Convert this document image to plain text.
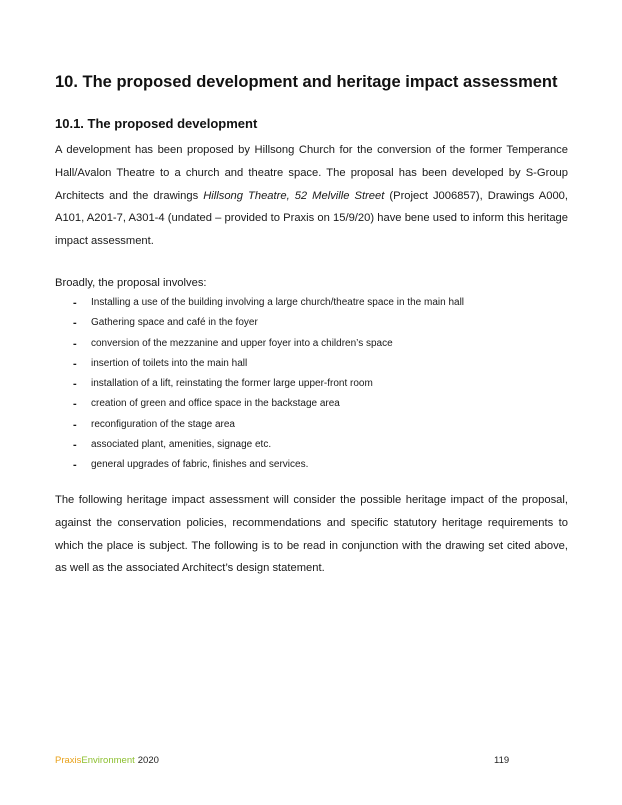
10. The proposed development and heritage impact assessment
10.1. The proposed development

A development has been proposed by Hillsong Church for the conversion of the former Temperance Hall/Avalon Theatre to a church and theatre space. The proposal has been developed by S-Group Architects and the drawings Hillsong Theatre, 52 Melville Street (Project J006857), Drawings A000, A101, A201-7, A301-4 (undated – provided to Praxis on 15/9/20) have bene used to inform this heritage impact assessment.

Broadly, the proposal involves:

- Installing a use of the building involving a large church/theatre space in the main hall
- Gathering space and café in the foyer
- conversion of the mezzanine and upper foyer into a children’s space
- insertion of toilets into the main hall
- installation of a lift, reinstating the former large upper-front room
- creation of green and office space in the backstage area
- reconfiguration of the stage area
- associated plant, amenities, signage etc.
- general upgrades of fabric, finishes and services.

The following heritage impact assessment will consider the possible heritage impact of the proposal, against the conservation policies, recommendations and specific statutory heritage requirements to which the place is subject. The following is to be read in conjunction with the drawing set cited above, as well as the associated Architect’s design statement.

PraxisEnvironment 2020	119
